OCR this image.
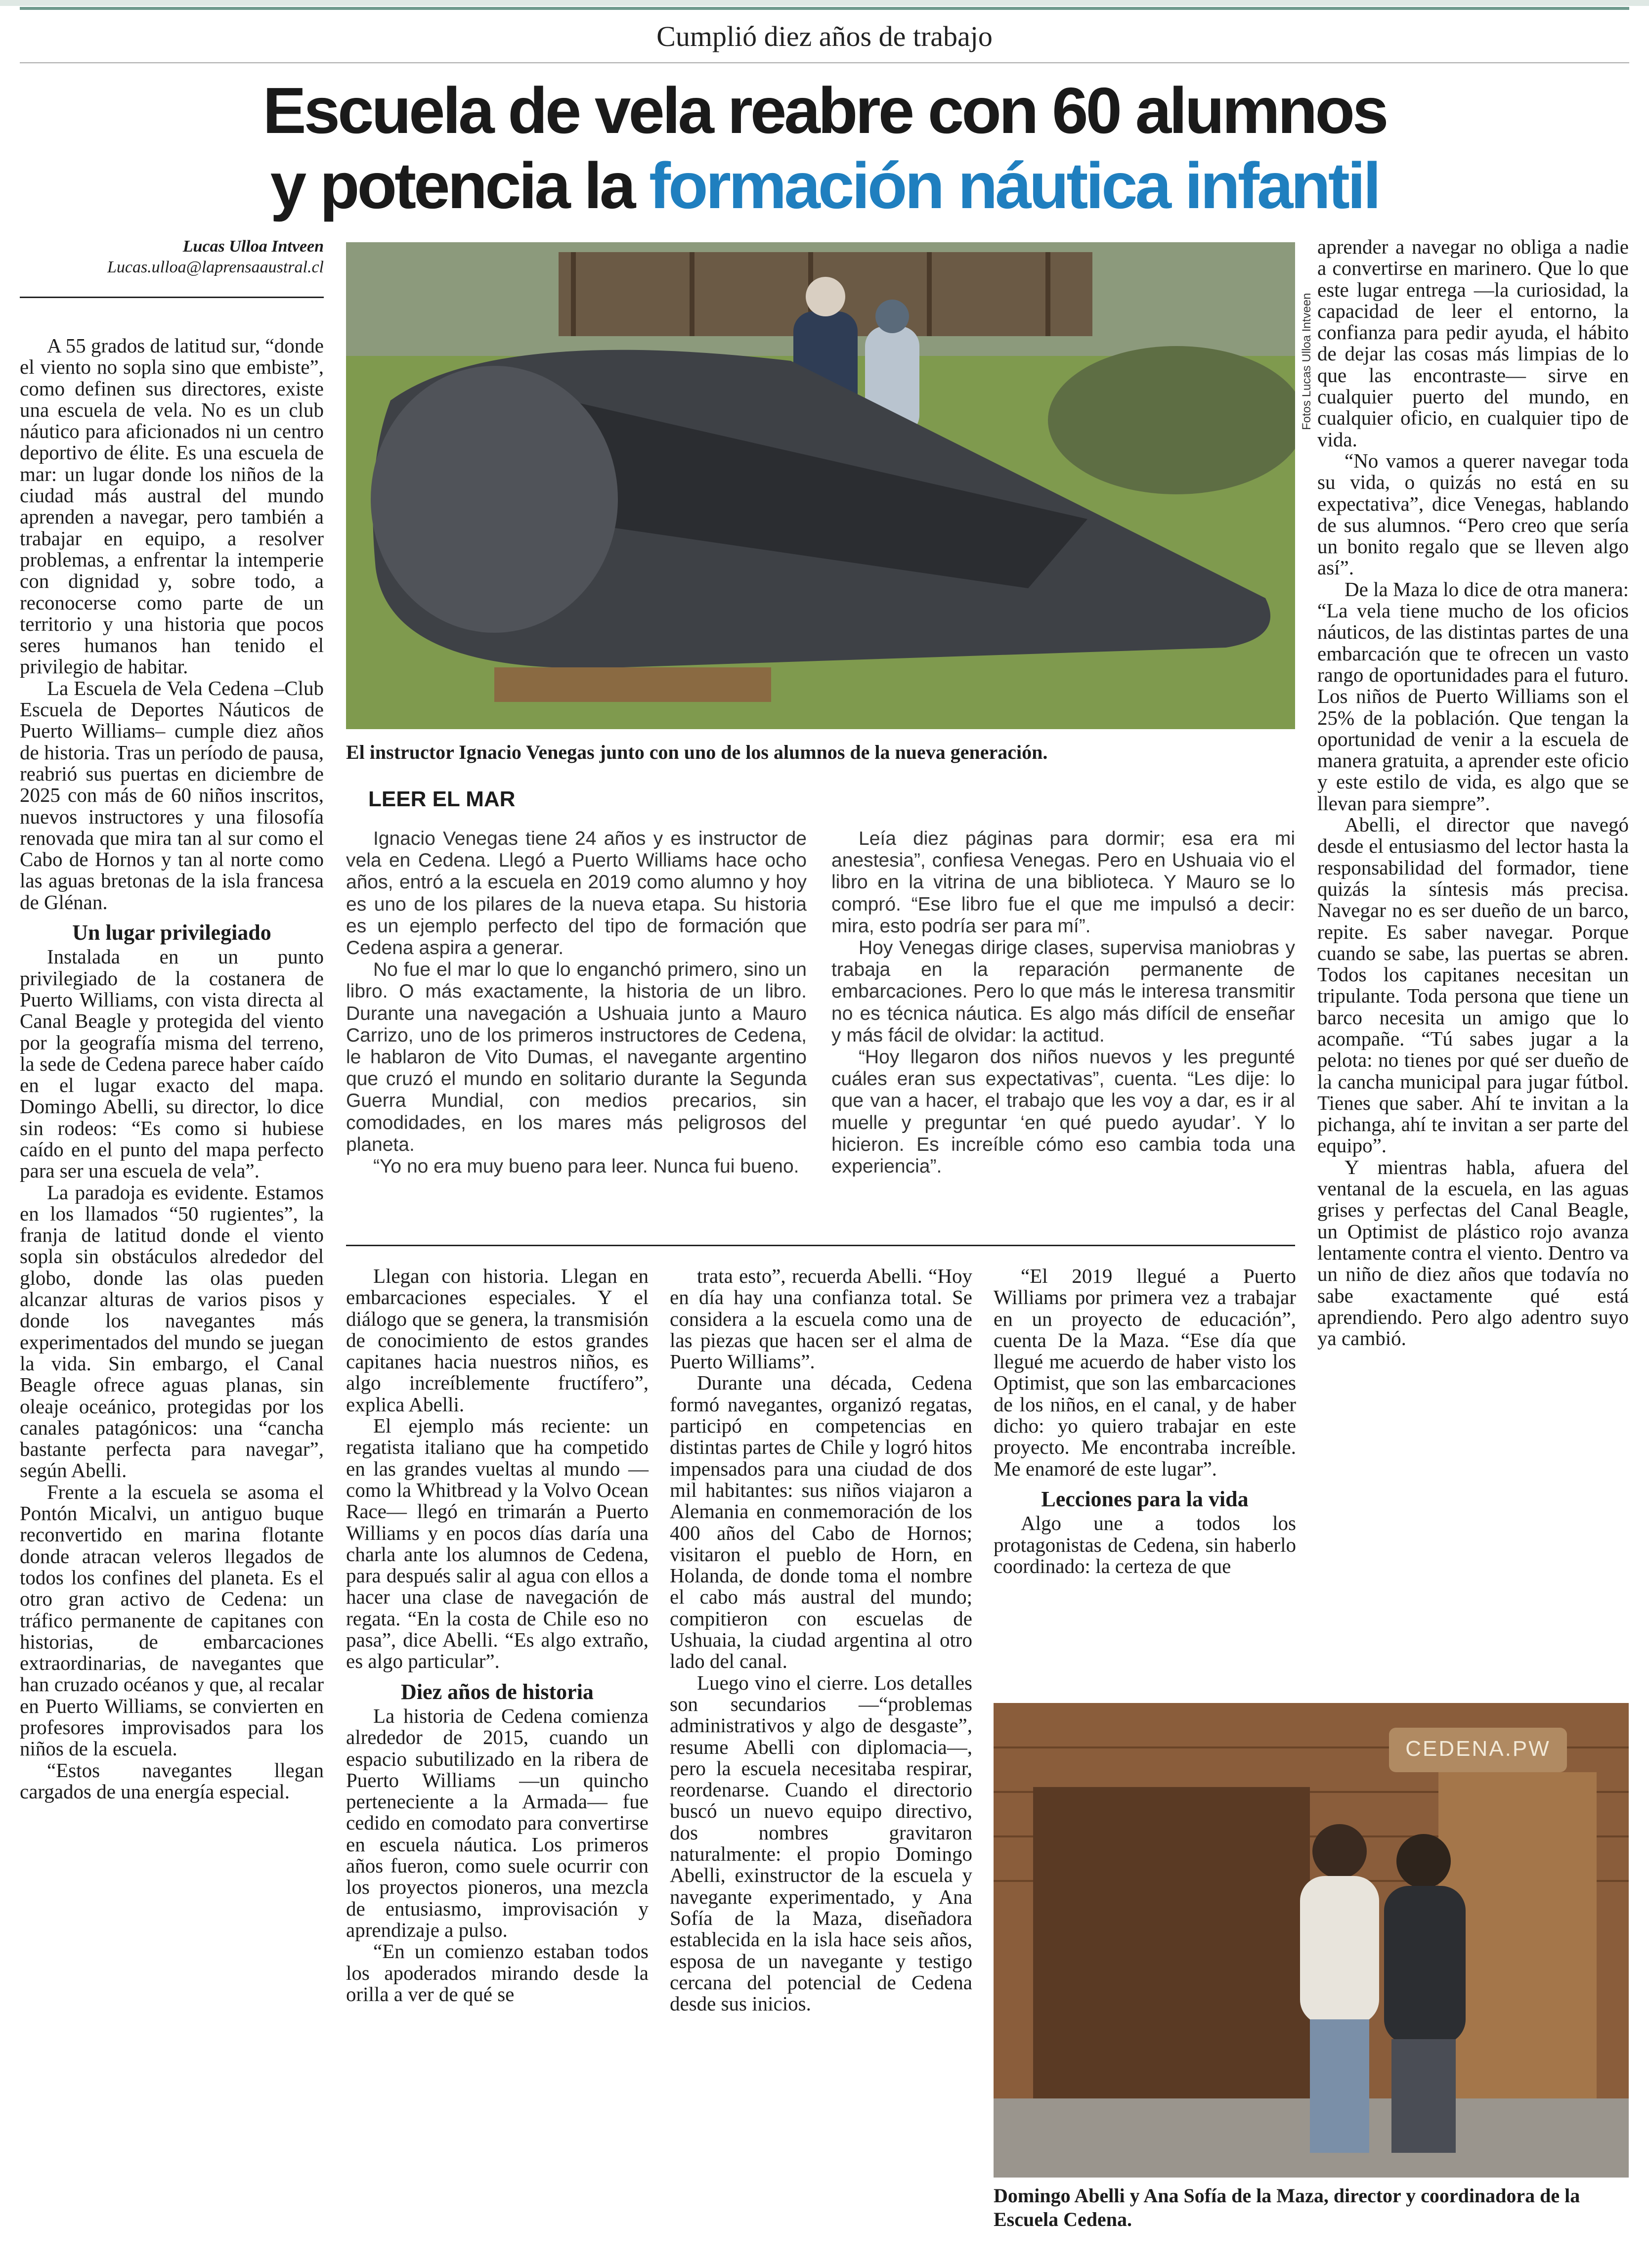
Cumplió diez años de trabajo
Escuela de vela reabre con 60 alumnos
y potencia la formación náutica infantil
Lucas Ulloa Intveen
Lucas.ulloa@laprensaaustral.cl

A 55 grados de latitud sur, “donde el viento no sopla sino que embiste”, como definen sus directores, existe una escuela de vela. No es un club náutico para aficionados ni un centro deportivo de élite. Es una escuela de mar: un lugar donde los niños de la ciudad más austral del mundo aprenden a navegar, pero también a trabajar en equipo, a resolver problemas, a enfrentar la intemperie con dignidad y, sobre todo, a reconocerse como parte de un territorio y una historia que pocos seres humanos han tenido el privilegio de habitar.

La Escuela de Vela Cedena –Club Escuela de Deportes Náuticos de Puerto Williams– cumple diez años de historia. Tras un período de pausa, reabrió sus puertas en diciembre de 2025 con más de 60 niños inscritos, nuevos instructores y una filosofía renovada que mira tan al sur como el Cabo de Hornos y tan al norte como las aguas bretonas de la isla francesa de Glénan.

Un lugar privilegiado

Instalada en un punto privilegiado de la costanera de Puerto Williams, con vista directa al Canal Beagle y protegida del viento por la geografía misma del terreno, la sede de Cedena parece haber caído en el lugar exacto del mapa. Domingo Abelli, su director, lo dice sin rodeos: “Es como si hubiese caído en el punto del mapa perfecto para ser una escuela de vela”.

La paradoja es evidente. Estamos en los llamados “50 rugientes”, la franja de latitud donde el viento sopla sin obstáculos alrededor del globo, donde las olas pueden alcanzar alturas de varios pisos y donde los navegantes más experimentados del mundo se juegan la vida. Sin embargo, el Canal Beagle ofrece aguas planas, sin oleaje oceánico, protegidas por los canales patagónicos: una “cancha bastante perfecta para navegar”, según Abelli.

Frente a la escuela se asoma el Pontón Micalvi, un antiguo buque reconvertido en marina flotante donde atracan veleros llegados de todos los confines del planeta. Es el otro gran activo de Cedena: un tráfico permanente de capitanes con historias, de embarcaciones extraordinarias, de navegantes que han cruzado océanos y que, al recalar en Puerto Williams, se convierten en profesores improvisados para los niños de la escuela.

“Estos navegantes llegan cargados de una energía especial.

Fotos Lucas Ulloa Intveen
El instructor Ignacio Venegas junto con uno de los alumnos de la nueva generación.
LEER EL MAR

Ignacio Venegas tiene 24 años y es instructor de vela en Cedena. Llegó a Puerto Williams hace ocho años, entró a la escuela en 2019 como alumno y hoy es uno de los pilares de la nueva etapa. Su historia es un ejemplo perfecto del tipo de formación que Cedena aspira a generar.

No fue el mar lo que lo enganchó primero, sino un libro. O más exactamente, la historia de un libro. Durante una navegación a Ushuaia junto a Mauro Carrizo, uno de los primeros instructores de Cedena, le hablaron de Vito Dumas, el navegante argentino que cruzó el mundo en solitario durante la Segunda Guerra Mundial, con medios precarios, sin comodidades, en los mares más peligrosos del planeta.

“Yo no era muy bueno para leer. Nunca fui bueno.

Leía diez páginas para dormir; esa era mi anestesia”, confiesa Venegas. Pero en Ushuaia vio el libro en la vitrina de una biblioteca. Y Mauro se lo compró. “Ese libro fue el que me impulsó a decir: mira, esto podría ser para mí”.

Hoy Venegas dirige clases, supervisa maniobras y trabaja en la reparación permanente de embarcaciones. Pero lo que más le interesa transmitir no es técnica náutica. Es algo más difícil de enseñar y más fácil de olvidar: la actitud.

“Hoy llegaron dos niños nuevos y les pregunté cuáles eran sus expectativas”, cuenta. “Les dije: lo que van a hacer, el trabajo que les voy a dar, es ir al muelle y preguntar ‘en qué puedo ayudar’. Y lo hicieron. Es increíble cómo eso cambia toda una experiencia”.

Llegan con historia. Llegan en embarcaciones especiales. Y el diálogo que se genera, la transmisión de conocimiento de estos grandes capitanes hacia nuestros niños, es algo increíblemente fructífero”, explica Abelli.

El ejemplo más reciente: un regatista italiano que ha competido en las grandes vueltas al mundo —como la Whitbread y la Volvo Ocean Race— llegó en trimarán a Puerto Williams y en pocos días daría una charla ante los alumnos de Cedena, para después salir al agua con ellos a hacer una clase de navegación de regata. “En la costa de Chile eso no pasa”, dice Abelli. “Es algo extraño, es algo particular”.

Diez años de historia

La historia de Cedena comienza alrededor de 2015, cuando un espacio subutilizado en la ribera de Puerto Williams —un quincho perteneciente a la Armada— fue cedido en comodato para convertirse en escuela náutica. Los primeros años fueron, como suele ocurrir con los proyectos pioneros, una mezcla de entusiasmo, improvisación y aprendizaje a pulso.

“En un comienzo estaban todos los apoderados mirando desde la orilla a ver de qué se

trata esto”, recuerda Abelli. “Hoy en día hay una confianza total. Se considera a la escuela como una de las piezas que hacen ser el alma de Puerto Williams”.

Durante una década, Cedena formó navegantes, organizó regatas, participó en competencias en distintas partes de Chile y logró hitos impensados para una ciudad de dos mil habitantes: sus niños viajaron a Alemania en conmemoración de los 400 años del Cabo de Hornos; visitaron el pueblo de Horn, en Holanda, de donde toma el nombre el cabo más austral del mundo; compitieron con escuelas de Ushuaia, la ciudad argentina al otro lado del canal.

Luego vino el cierre. Los detalles son secundarios —“problemas administrativos y algo de desgaste”, resume Abelli con diplomacia—, pero la escuela necesitaba respirar, reordenarse. Cuando el directorio buscó un nuevo equipo directivo, dos nombres gravitaron naturalmente: el propio Domingo Abelli, exinstructor de la escuela y navegante experimentado, y Ana Sofía de la Maza, diseñadora establecida en la isla hace seis años, esposa de un navegante y testigo cercana del potencial de Cedena desde sus inicios.

“El 2019 llegué a Puerto Williams por primera vez a trabajar en un proyecto de educación”, cuenta De la Maza. “Ese día que llegué me acuerdo de haber visto los Optimist, que son las embarcaciones de los niños, en el canal, y de haber dicho: yo quiero trabajar en este proyecto. Me encontraba increíble. Me enamoré de este lugar”.

Lecciones para la vida

Algo une a todos los protagonistas de Cedena, sin haberlo coordinado: la certeza de que

aprender a navegar no obliga a nadie a convertirse en marinero. Que lo que este lugar entrega —la curiosidad, la capacidad de leer el entorno, la confianza para pedir ayuda, el hábito de dejar las cosas más limpias de lo que las encontraste— sirve en cualquier puerto del mundo, en cualquier oficio, en cualquier tipo de vida.

“No vamos a querer navegar toda su vida, o quizás no está en su expectativa”, dice Venegas, hablando de sus alumnos. “Pero creo que sería un bonito regalo que se lleven algo así”.

De la Maza lo dice de otra manera: “La vela tiene mucho de los oficios náuticos, de las distintas partes de una embarcación que te ofrecen un vasto rango de oportunidades para el futuro. Los niños de Puerto Williams son el 25% de la población. Que tengan la oportunidad de venir a la escuela de manera gratuita, a aprender este oficio y este estilo de vida, es algo que se llevan para siempre”.

Abelli, el director que navegó desde el entusiasmo del lector hasta la responsabilidad del formador, tiene quizás la síntesis más precisa. Navegar no es ser dueño de un barco, repite. Es saber navegar. Porque cuando se sabe, las puertas se abren. Todos los capitanes necesitan un tripulante. Toda persona que tiene un barco necesita un amigo que lo acompañe. “Tú sabes jugar a la pelota: no tienes por qué ser dueño de la cancha municipal para jugar fútbol. Tienes que saber. Ahí te invitan a la pichanga, ahí te invitan a ser parte del equipo”.

Y mientras habla, afuera del ventanal de la escuela, en las aguas grises y perfectas del Canal Beagle, un Optimist de plástico rojo avanza lentamente contra el viento. Dentro va un niño de diez años que todavía no sabe exactamente qué está aprendiendo. Pero algo adentro suyo ya cambió.

CEDENA.PW
Domingo Abelli y Ana Sofía de la Maza, director y coordinadora de la Escuela Cedena.
